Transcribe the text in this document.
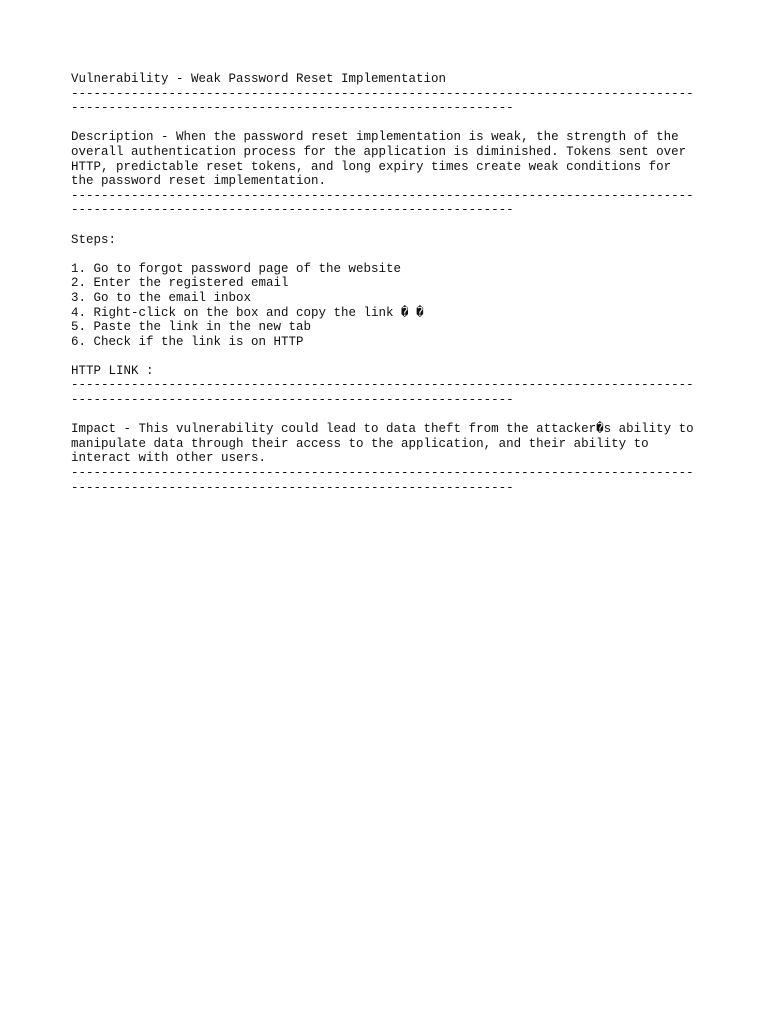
Vulnerability - Weak Password Reset Implementation
-----------------------------------------------------------------------------------
-----------------------------------------------------------
Description - When the password reset implementation is weak, the strength of the
overall authentication process for the application is diminished. Tokens sent over
HTTP, predictable reset tokens, and long expiry times create weak conditions for
the password reset implementation.
-----------------------------------------------------------------------------------
-----------------------------------------------------------
Steps:
1. Go to forgot password page of the website
2. Enter the registered email
3. Go to the email inbox
4. Right-click on the box and copy the link � �
5. Paste the link in the new tab
6. Check if the link is on HTTP
HTTP LINK :
-----------------------------------------------------------------------------------
-----------------------------------------------------------
Impact - This vulnerability could lead to data theft from the attacker�s ability to
manipulate data through their access to the application, and their ability to
interact with other users.
-----------------------------------------------------------------------------------
-----------------------------------------------------------
